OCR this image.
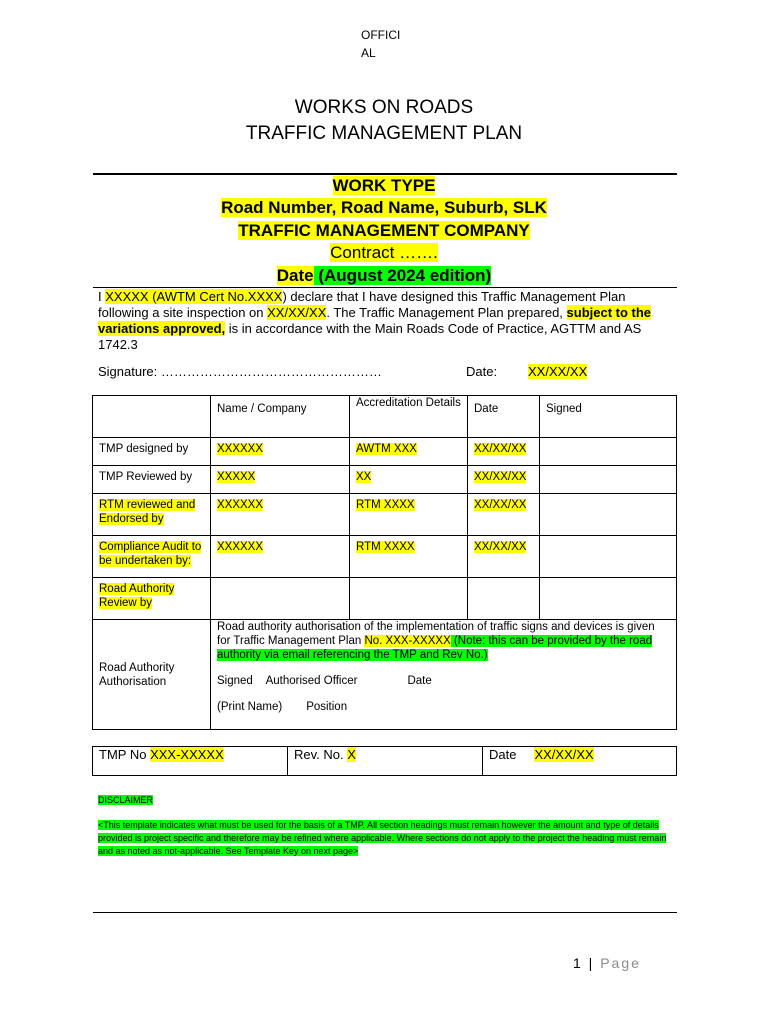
OFFICI
AL
WORKS ON ROADS
TRAFFIC MANAGEMENT PLAN
WORK TYPE
Road Number, Road Name, Suburb, SLK
TRAFFIC MANAGEMENT COMPANY
Contract …….
Date (August 2024 edition)
I XXXXX (AWTM Cert No.XXXX) declare that I have designed this Traffic Management Plan following a site inspection on XX/XX/XX. The Traffic Management Plan prepared, subject to the variations approved, is in accordance with the Main Roads Code of Practice, AGTTM and AS 1742.3
Signature: ……………………………………………	Date: XX/XX/XX
	Name / Company	Accreditation Details	Date	Signed
TMP designed by	XXXXXX	AWTM XXX	XX/XX/XX	
TMP Reviewed by	XXXXX	XX	XX/XX/XX	
RTM reviewed and Endorsed by	XXXXXX	RTM XXXX	XX/XX/XX	
Compliance Audit to be undertaken by:	XXXXXX	RTM XXXX	XX/XX/XX	
Road Authority Review by				
Road Authority Authorisation	Road authority authorisation of the implementation of traffic signs and devices is given for Traffic Management Plan No. XXX-XXXXX (Note: this can be provided by the road authority via email referencing the TMP and Rev No.)
Signed Authorised Officer Date
(Print Name) Position			
TMP No XXX-XXXXX	Rev. No. X	Date XX/XX/XX
DISCLAIMER
<This template indicates what must be used for the basis of a TMP. All section headings must remain however the amount and type of details provided is project specific and therefore may be refined where applicable. Where sections do not apply to the project the heading must remain and as noted as not-applicable. See Template Key on next page>
1 | Page
